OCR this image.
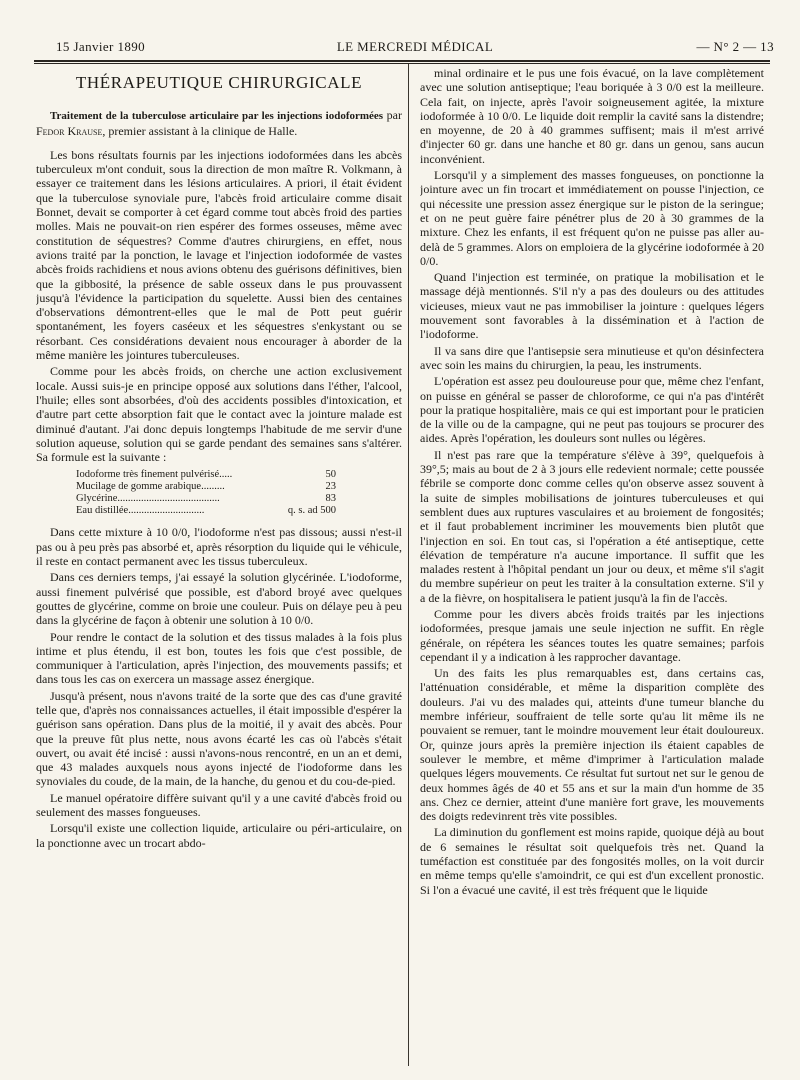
15 Janvier 1890	LE MERCREDI MÉDICAL	— N° 2 — 13
THÉRAPEUTIQUE CHIRURGICALE
Traitement de la tuberculose articulaire par les injections iodoformées par Fedor Krause, premier assistant à la clinique de Halle.

Les bons résultats fournis par les injections iodoformées dans les abcès tuberculeux m'ont conduit, sous la direction de mon maître R. Volkmann, à essayer ce traitement dans les lésions articulaires. A priori, il était évident que la tuberculose synoviale pure, l'abcès froid articulaire comme disait Bonnet, devait se comporter à cet égard comme tout abcès froid des parties molles. Mais ne pouvait-on rien espérer des formes osseuses, même avec constitution de séquestres? Comme d'autres chirurgiens, en effet, nous avions traité par la ponction, le lavage et l'injection iodoformée de vastes abcès froids rachidiens et nous avions obtenu des guérisons définitives, bien que la gibbosité, la présence de sable osseux dans le pus prouvassent jusqu'à l'évidence la participation du squelette. Aussi bien des centaines d'observations démontrent-elles que le mal de Pott peut guérir spontanément, les foyers caséeux et les séquestres s'enkystant ou se résorbant. Ces considérations devaient nous encourager à aborder de la même manière les jointures tuberculeuses.

Comme pour les abcès froids, on cherche une action exclusivement locale. Aussi suis-je en principe opposé aux solutions dans l'éther, l'alcool, l'huile; elles sont absorbées, d'où des accidents possibles d'intoxication, et d'autre part cette absorption fait que le contact avec la jointure malade est diminué d'autant. J'ai donc depuis longtemps l'habitude de me servir d'une solution aqueuse, solution qui se garde pendant des semaines sans s'altérer. Sa formule est la suivante :

Iodoforme très finement pulvérisé.....	50
Mucilage de gomme arabique.........	23
Glycérine.......................................	83
Eau distillée.............................	q. s. ad 500

Dans cette mixture à 10 0/0, l'iodoforme n'est pas dissous; aussi n'est-il pas ou à peu près pas absorbé et, après résorption du liquide qui le véhicule, il reste en contact permanent avec les tissus tuberculeux.

Dans ces derniers temps, j'ai essayé la solution glycérinée. L'iodoforme, aussi finement pulvérisé que possible, est d'abord broyé avec quelques gouttes de glycérine, comme on broie une couleur. Puis on délaye peu à peu dans la glycérine de façon à obtenir une solution à 10 0/0.

Pour rendre le contact de la solution et des tissus malades à la fois plus intime et plus étendu, il est bon, toutes les fois que c'est possible, de communiquer à l'articulation, après l'injection, des mouvements passifs; et dans tous les cas on exercera un massage assez énergique.

Jusqu'à présent, nous n'avons traité de la sorte que des cas d'une gravité telle que, d'après nos connaissances actuelles, il était impossible d'espérer la guérison sans opération. Dans plus de la moitié, il y avait des abcès. Pour que la preuve fût plus nette, nous avons écarté les cas où l'abcès s'était ouvert, ou avait été incisé : aussi n'avons-nous rencontré, en un an et demi, que 43 malades auxquels nous ayons injecté de l'iodoforme dans les synoviales du coude, de la main, de la hanche, du genou et du cou-de-pied.

Le manuel opératoire diffère suivant qu'il y a une cavité d'abcès froid ou seulement des masses fongueuses.

Lorsqu'il existe une collection liquide, articulaire ou péri-articulaire, on la ponctionne avec un trocart abdo-

minal ordinaire et le pus une fois évacué, on la lave complètement avec une solution antiseptique; l'eau boriquée à 3 0/0 est la meilleure. Cela fait, on injecte, après l'avoir soigneusement agitée, la mixture iodoformée à 10 0/0. Le liquide doit remplir la cavité sans la distendre; en moyenne, de 20 à 40 grammes suffisent; mais il m'est arrivé d'injecter 60 gr. dans une hanche et 80 gr. dans un genou, sans aucun inconvénient.

Lorsqu'il y a simplement des masses fongueuses, on ponctionne la jointure avec un fin trocart et immédiatement on pousse l'injection, ce qui nécessite une pression assez énergique sur le piston de la seringue; et on ne peut guère faire pénétrer plus de 20 à 30 grammes de la mixture. Chez les enfants, il est fréquent qu'on ne puisse pas aller au-delà de 5 grammes. Alors on emploiera de la glycérine iodoformée à 20 0/0.

Quand l'injection est terminée, on pratique la mobilisation et le massage déjà mentionnés. S'il n'y a pas des douleurs ou des attitudes vicieuses, mieux vaut ne pas immobiliser la jointure : quelques légers mouvement sont favorables à la dissémination et à l'action de l'iodoforme.

Il va sans dire que l'antisepsie sera minutieuse et qu'on désinfectera avec soin les mains du chirurgien, la peau, les instruments.

L'opération est assez peu douloureuse pour que, même chez l'enfant, on puisse en général se passer de chloroforme, ce qui n'a pas d'intérêt pour la pratique hospitalière, mais ce qui est important pour le praticien de la ville ou de la campagne, qui ne peut pas toujours se procurer des aides. Après l'opération, les douleurs sont nulles ou légères.

Il n'est pas rare que la température s'élève à 39°, quelquefois à 39°,5; mais au bout de 2 à 3 jours elle redevient normale; cette poussée fébrile se comporte donc comme celles qu'on observe assez souvent à la suite de simples mobilisations de jointures tuberculeuses et qui semblent dues aux ruptures vasculaires et au broiement de fongosités; et il faut probablement incriminer les mouvements bien plutôt que l'injection en soi. En tout cas, si l'opération a été antiseptique, cette élévation de température n'a aucune importance. Il suffit que les malades restent à l'hôpital pendant un jour ou deux, et même s'il s'agit du membre supérieur on peut les traiter à la consultation externe. S'il y a de la fièvre, on hospitalisera le patient jusqu'à la fin de l'accès.

Comme pour les divers abcès froids traités par les injections iodoformées, presque jamais une seule injection ne suffit. En règle générale, on répétera les séances toutes les quatre semaines; parfois cependant il y a indication à les rapprocher davantage.

Un des faits les plus remarquables est, dans certains cas, l'atténuation considérable, et même la disparition complète des douleurs. J'ai vu des malades qui, atteints d'une tumeur blanche du membre inférieur, souffraient de telle sorte qu'au lit même ils ne pouvaient se remuer, tant le moindre mouvement leur était douloureux. Or, quinze jours après la première injection ils étaient capables de soulever le membre, et même d'imprimer à l'articulation malade quelques légers mouvements. Ce résultat fut surtout net sur le genou de deux hommes âgés de 40 et 55 ans et sur la main d'un homme de 35 ans. Chez ce dernier, atteint d'une manière fort grave, les mouvements des doigts redevinrent très vite possibles.

La diminution du gonflement est moins rapide, quoique déjà au bout de 6 semaines le résultat soit quelquefois très net. Quand la tuméfaction est constituée par des fongosités molles, on la voit durcir en même temps qu'elle s'amoindrit, ce qui est d'un excellent pronostic. Si l'on a évacué une cavité, il est très fréquent que le liquide
